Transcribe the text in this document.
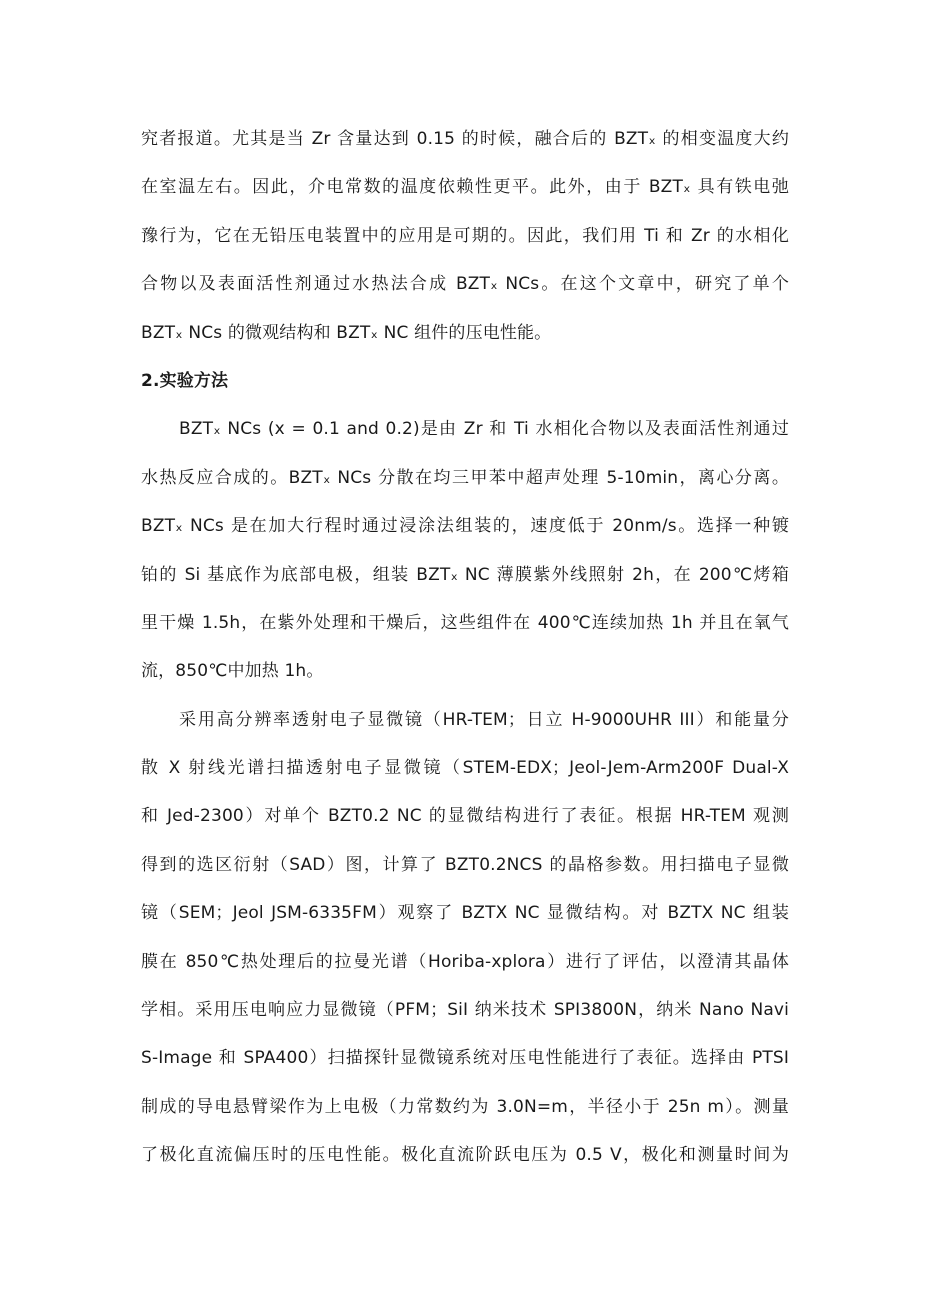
究者报道。尤其是当 Zr 含量达到 0.15 的时候，融合后的 BZTₓ 的相变温度大约
在室温左右。因此，介电常数的温度依赖性更平。此外，由于 BZTₓ 具有铁电弛
豫行为，它在无铅压电装置中的应用是可期的。因此，我们用 Ti 和 Zr 的水相化
合物以及表面活性剂通过水热法合成 BZTₓ NCs。在这个文章中，研究了单个
BZTₓ NCs 的微观结构和 BZTₓ NC 组件的压电性能。
2.实验方法
BZTₓ NCs (x = 0.1 and 0.2)是由 Zr 和 Ti 水相化合物以及表面活性剂通过
水热反应合成的。BZTₓ NCs 分散在均三甲苯中超声处理 5-10min，离心分离。
BZTₓ NCs 是在加大行程时通过浸涂法组装的，速度低于 20nm/s。选择一种镀
铂的 Si 基底作为底部电极，组装 BZTₓ NC 薄膜紫外线照射 2h，在 200℃烤箱
里干燥 1.5h，在紫外处理和干燥后，这些组件在 400℃连续加热 1h 并且在氧气
流，850℃中加热 1h。
采用高分辨率透射电子显微镜（HR-TEM；日立 H-9000UHR III）和能量分
散 X 射线光谱扫描透射电子显微镜（STEM-EDX；Jeol-Jem-Arm200F Dual-X
和 Jed-2300）对单个 BZT0.2 NC 的显微结构进行了表征。根据 HR-TEM 观测
得到的选区衍射（SAD）图，计算了 BZT0.2NCS 的晶格参数。用扫描电子显微
镜（SEM；Jeol JSM-6335FM）观察了 BZTX NC 显微结构。对 BZTX NC 组装
膜在 850℃热处理后的拉曼光谱（Horiba-xplora）进行了评估，以澄清其晶体
学相。采用压电响应力显微镜（PFM；SiI 纳米技术 SPI3800N，纳米 Nano Navi
S-Image 和 SPA400）扫描探针显微镜系统对压电性能进行了表征。选择由 PTSI
制成的导电悬臂梁作为上电极（力常数约为 3.0N=m，半径小于 25n m）。测量
了极化直流偏压时的压电性能。极化直流阶跃电压为 0.5 V，极化和测量时间为
